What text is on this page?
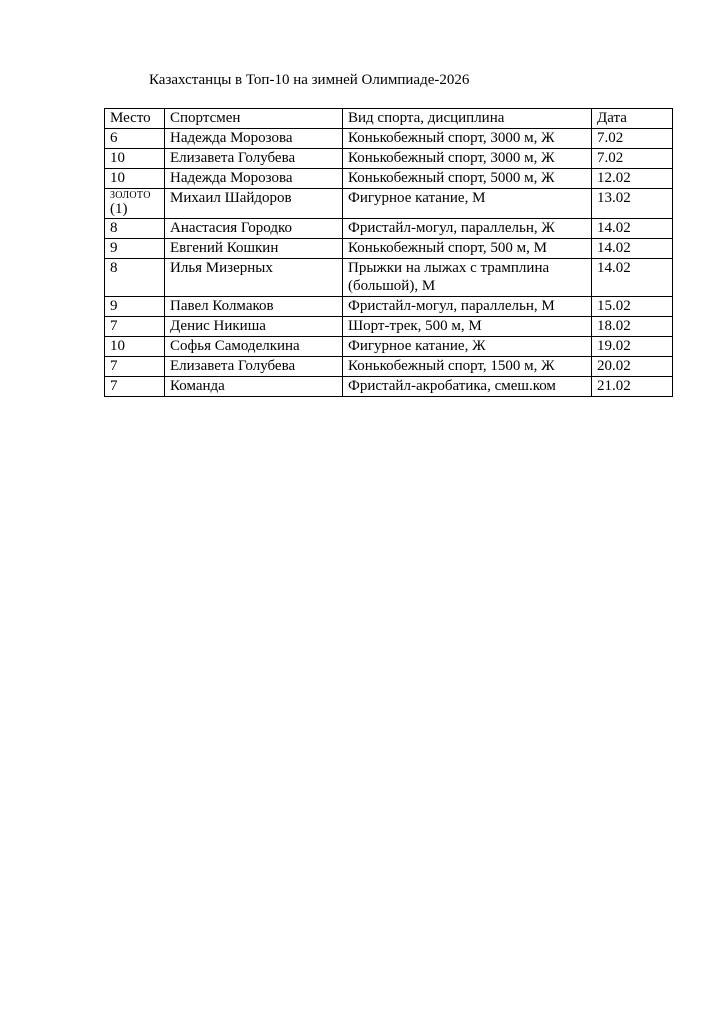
Казахстанцы в Топ-10 на зимней Олимпиаде-2026
Место	Спортсмен	Вид спорта, дисциплина	Дата
6	Надежда Морозова	Конькобежный спорт, 3000 м, Ж	7.02
10	Елизавета Голубева	Конькобежный спорт, 3000 м, Ж	7.02
10	Надежда Морозова	Конькобежный спорт, 5000 м, Ж	12.02

ЗОЛОТО
(1)	Михаил Шайдоров	Фигурное катание, М	13.02
8	Анастасия Городко	Фристайл-могул, параллельн, Ж	14.02
9	Евгений Кошкин	Конькобежный спорт, 500 м, М	14.02
8	Илья Мизерных	Прыжки на лыжах с трамплина (большой), М	14.02
9	Павел Колмаков	Фристайл-могул, параллельн, М	15.02
7	Денис Никиша	Шорт-трек, 500 м, М	18.02
10	Софья Самоделкина	Фигурное катание, Ж	19.02
7	Елизавета Голубева	Конькобежный спорт, 1500 м, Ж	20.02
7	Команда	Фристайл-акробатика, смеш.ком	21.02
